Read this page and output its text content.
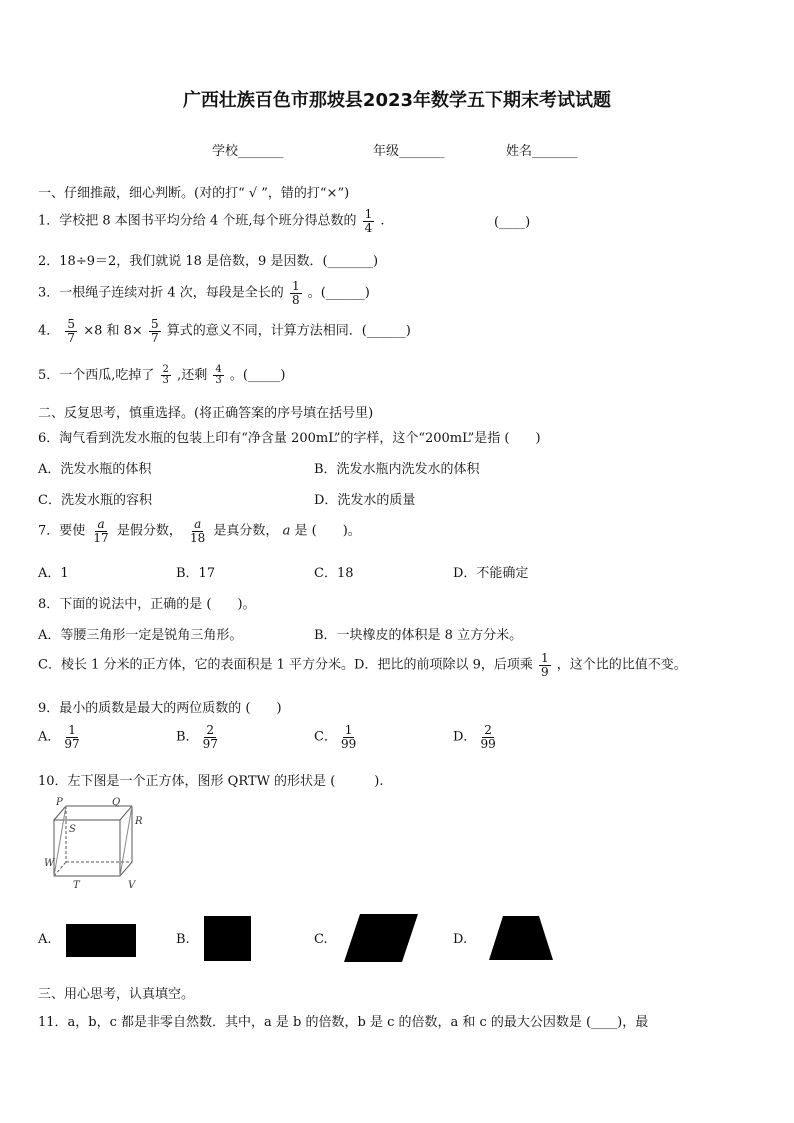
广西壮族百色市那坡县2023年数学五下期末考试试题
学校_______	年级_______	姓名_______
一、仔细推敲，细心判断。(对的打“ √ ”，错的打“×”)
1．学校把 8 本图书平均分给 4 个班,每个班分得总数的 $\frac{1}{4}$ .	(____)
2．18÷9＝2，我们就说 18 是倍数，9 是因数．(_______)
3．一根绳子连续对折 4 次，每段是全长的 $\frac{1}{8}$ 。(______)
4． $\frac{5}{7} \times 8$ 和 $8\times \frac{5}{7}$ 算式的意义不同，计算方法相同．(______)
5．一个西瓜,吃掉了 $\frac{2}{3}$ ,还剩 $\frac{4}{3}$ 。(_____)
二、反复思考，慎重选择。(将正确答案的序号填在括号里)
6．淘气看到洗发水瓶的包装上印有“净含量 200mL”的字样，这个“200mL”是指 (　　)
A．洗发水瓶的体积	B．洗发水瓶内洗发水的体积
C．洗发水瓶的容积	D．洗发水的质量
7．要使 $\frac{a}{17}$ 是假分数， $\frac{a}{18}$ 是真分数， a 是 (　　)。
A．1	B．17	C．18	D．不能确定
8．下面的说法中，正确的是 (　　)。
A．等腰三角形一定是锐角三角形。	B．一块橡皮的体积是 8 立方分米。
C．棱长 1 分米的正方体，它的表面积是 1 平方分米。D．把比的前项除以 9，后项乘 $\frac{1}{9}$ ，这个比的比值不变。
9．最小的质数是最大的两位质数的 (　　)
A． $\frac{1}{97}$	B． $\frac{2}{97}$	C． $\frac{1}{99}$	D． $\frac{2}{99}$
10．左下图是一个正方体，图形 QRTW 的形状是 (　　　).
P	Q
R
S
W
T	V
A.	B.	C.	D.
三、用心思考，认真填空。
11．a，b，c 都是非零自然数．其中，a 是 b 的倍数，b 是 c 的倍数，a 和 c 的最大公因数是 (____)，最
